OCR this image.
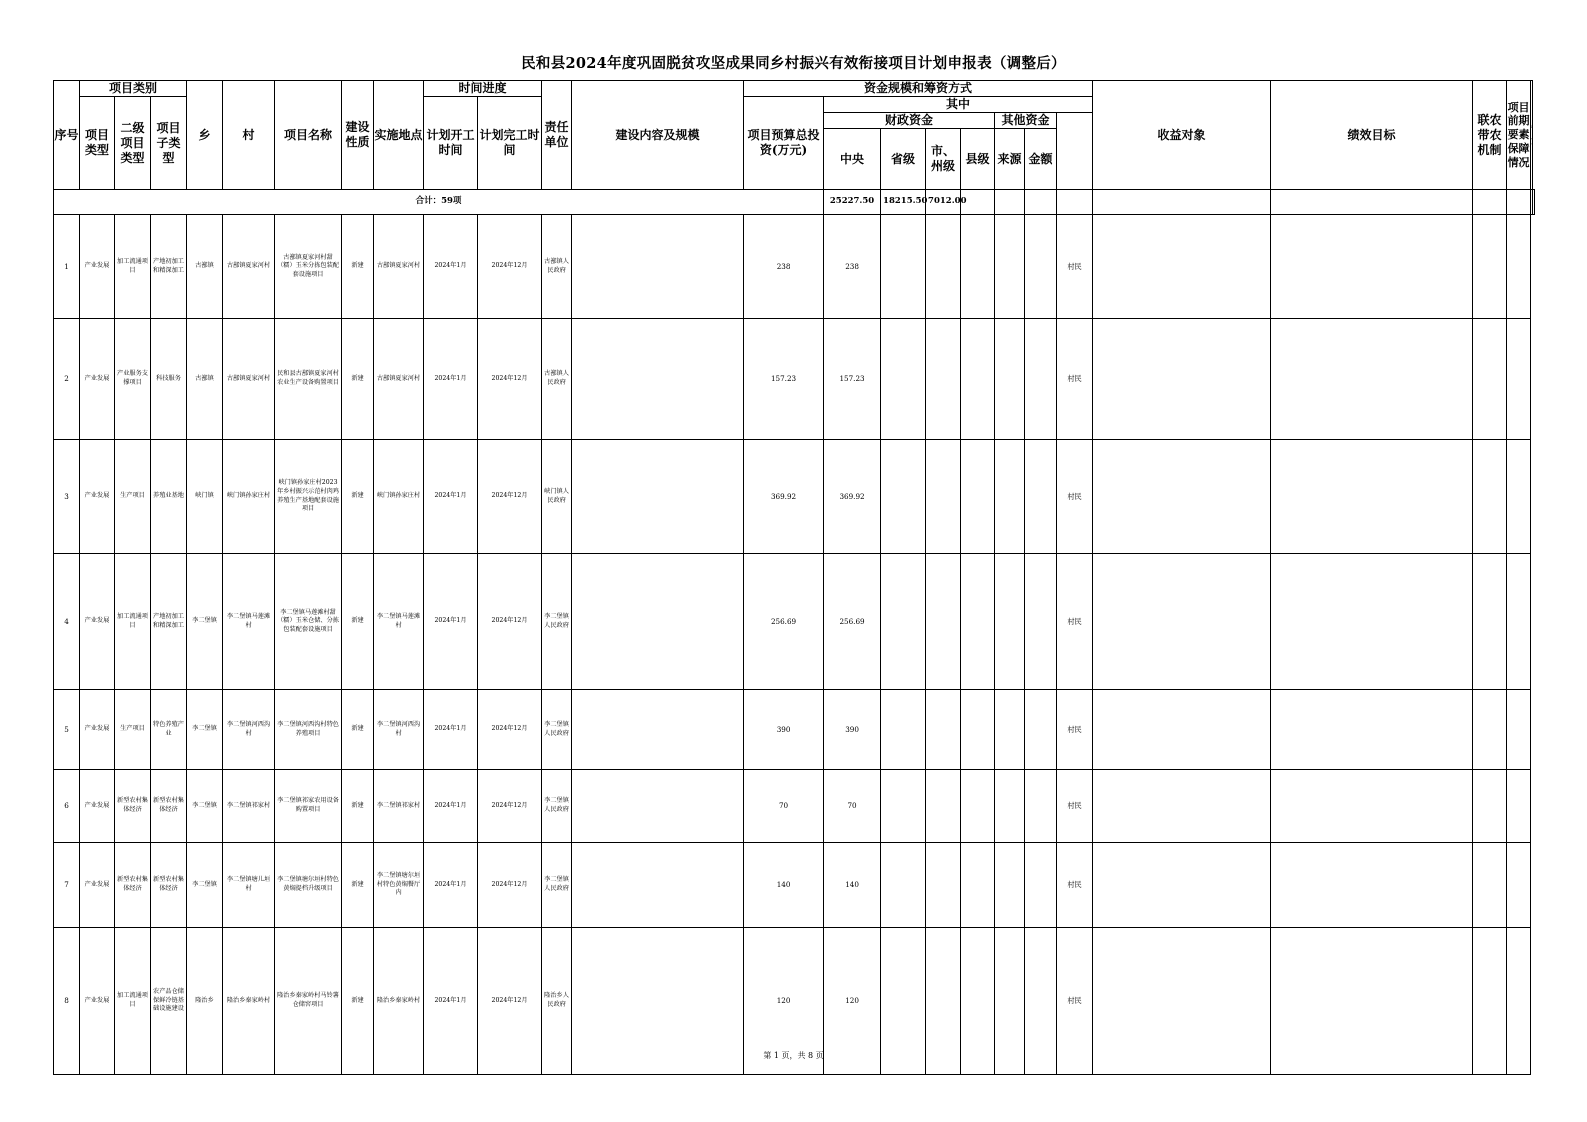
民和县2024年度巩固脱贫攻坚成果同乡村振兴有效衔接项目计划申报表（调整后）
序号	项目类别			乡	村	项目名称	建设性质	实施地点	时间进度		责任单位	建设内容及规模	资金规模和筹资方式								收益对象	绩效目标	联农带农机制	项目前期要素保障情况	
	项目类型	二级项目类型	项目子类型						计划开工时间	计划完工时间			项目预算总投资(万元)	其中												
														财政资金				其他资金								
														中央	省级	市、州级	县级	来源	金额							
合计：59项														25227.50	18215.50	7012.00										
1	产业发展	加工流通项目	产地初加工和精深加工	古鄯镇	古鄯镇夏家河村	古鄯镇夏家河村甜（糯）玉米分拣包装配套设施项目	新建	古鄯镇夏家河村	2024年1月	2024年12月	古鄯镇人民政府		238	238						村民						
2	产业发展	产业服务支撑项目	科技服务	古鄯镇	古鄯镇夏家河村	民和县古鄯镇夏家河村农业生产设备购置项目	新建	古鄯镇夏家河村	2024年1月	2024年12月	古鄯镇人民政府		157.23	157.23						村民						
3	产业发展	生产项目	养殖业基地	峡门镇	峡门镇孙家庄村	峡门镇孙家庄村2023年乡村振兴示范村肉鸡养殖生产基地配套设施项目	新建	峡门镇孙家庄村	2024年1月	2024年12月	峡门镇人民政府		369.92	369.92						村民						
4	产业发展	加工流通项目	产地初加工和精深加工	李二堡镇	李二堡镇马莲滩村	李二堡镇马莲滩村甜（糯）玉米仓储、分拣包装配套设施项目	新建	李二堡镇马莲滩村	2024年1月	2024年12月	李二堡镇人民政府		256.69	256.69						村民						
5	产业发展	生产项目	特色养殖产业	李二堡镇	李二堡镇河西沟村	李二堡镇河西沟村特色养殖项目	新建	李二堡镇河西沟村	2024年1月	2024年12月	李二堡镇人民政府		390	390						村民						
6	产业发展	新型农村集体经济	新型农村集体经济	李二堡镇	李二堡镇祁家村	李二堡镇祁家农用设备购置项目	新建	李二堡镇祁家村	2024年1月	2024年12月	李二堡镇人民政府		70	70						村民						
7	产业发展	新型农村集体经济	新型农村集体经济	李二堡镇	李二堡镇塘儿垣村	李二堡镇塘尔垣村特色黄焖提档升级项目	新建	李二堡镇塘尔垣村特色黄焖餐厅内	2024年1月	2024年12月	李二堡镇人民政府		140	140						村民						
8	产业发展	加工流通项目	农产品仓储保鲜冷链基础设施建设	隆治乡	隆治乡秦家岭村	隆治乡秦家岭村马铃薯仓储窖项目	新建	隆治乡秦家岭村	2024年1月	2024年12月	隆治乡人民政府		120	120						村民						
第 1 页，共 8 页
